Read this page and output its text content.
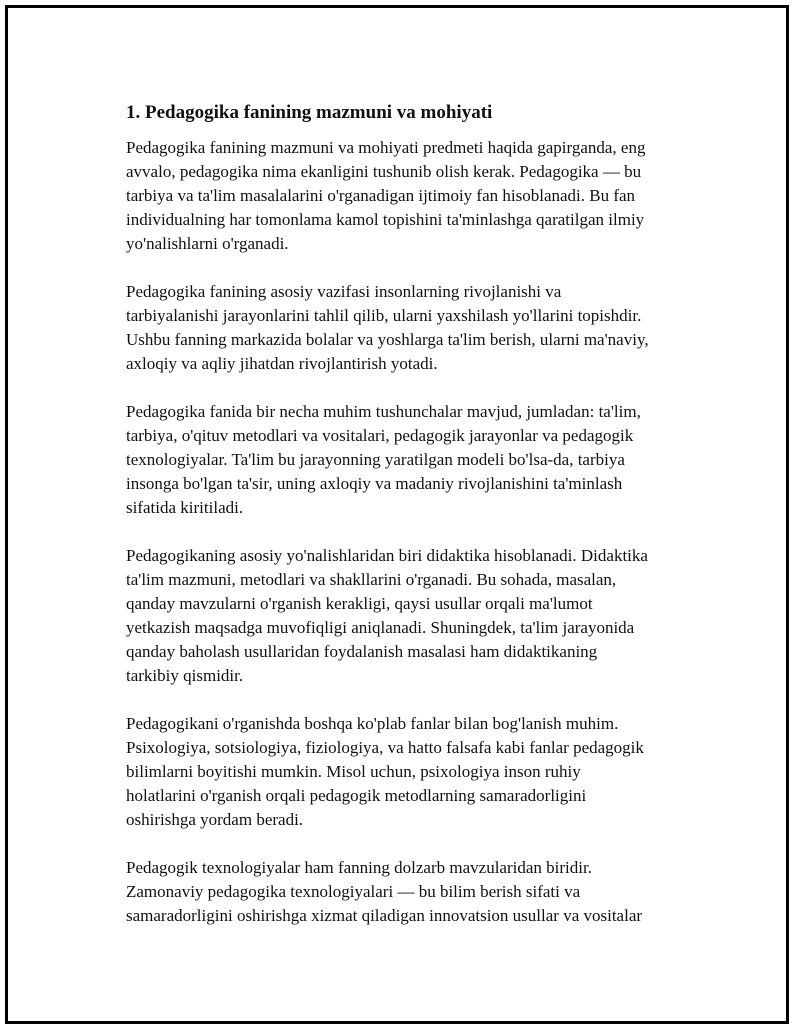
1. Pedagogika fanining mazmuni va mohiyati

Pedagogika fanining mazmuni va mohiyati predmeti haqida gapirganda, eng
avvalo, pedagogika nima ekanligini tushunib olish kerak. Pedagogika — bu
tarbiya va ta'lim masalalarini o'rganadigan ijtimoiy fan hisoblanadi. Bu fan
individualning har tomonlama kamol topishini ta'minlashga qaratilgan ilmiy
yo'nalishlarni o'rganadi.

Pedagogika fanining asosiy vazifasi insonlarning rivojlanishi va
tarbiyalanishi jarayonlarini tahlil qilib, ularni yaxshilash yo'llarini topishdir.
Ushbu fanning markazida bolalar va yoshlarga ta'lim berish, ularni ma'naviy,
axloqiy va aqliy jihatdan rivojlantirish yotadi.

Pedagogika fanida bir necha muhim tushunchalar mavjud, jumladan: ta'lim,
tarbiya, o'qituv metodlari va vositalari, pedagogik jarayonlar va pedagogik
texnologiyalar. Ta'lim bu jarayonning yaratilgan modeli bo'lsa-da, tarbiya
insonga bo'lgan ta'sir, uning axloqiy va madaniy rivojlanishini ta'minlash
sifatida kiritiladi.

Pedagogikaning asosiy yo'nalishlaridan biri didaktika hisoblanadi. Didaktika
ta'lim mazmuni, metodlari va shakllarini o'rganadi. Bu sohada, masalan,
qanday mavzularni o'rganish kerakligi, qaysi usullar orqali ma'lumot
yetkazish maqsadga muvofiqligi aniqlanadi. Shuningdek, ta'lim jarayonida
qanday baholash usullaridan foydalanish masalasi ham didaktikaning
tarkibiy qismidir.

Pedagogikani o'rganishda boshqa ko'plab fanlar bilan bog'lanish muhim.
Psixologiya, sotsiologiya, fiziologiya, va hatto falsafa kabi fanlar pedagogik
bilimlarni boyitishi mumkin. Misol uchun, psixologiya inson ruhiy
holatlarini o'rganish orqali pedagogik metodlarning samaradorligini
oshirishga yordam beradi.

Pedagogik texnologiyalar ham fanning dolzarb mavzularidan biridir.
Zamonaviy pedagogika texnologiyalari — bu bilim berish sifati va
samaradorligini oshirishga xizmat qiladigan innovatsion usullar va vositalar
